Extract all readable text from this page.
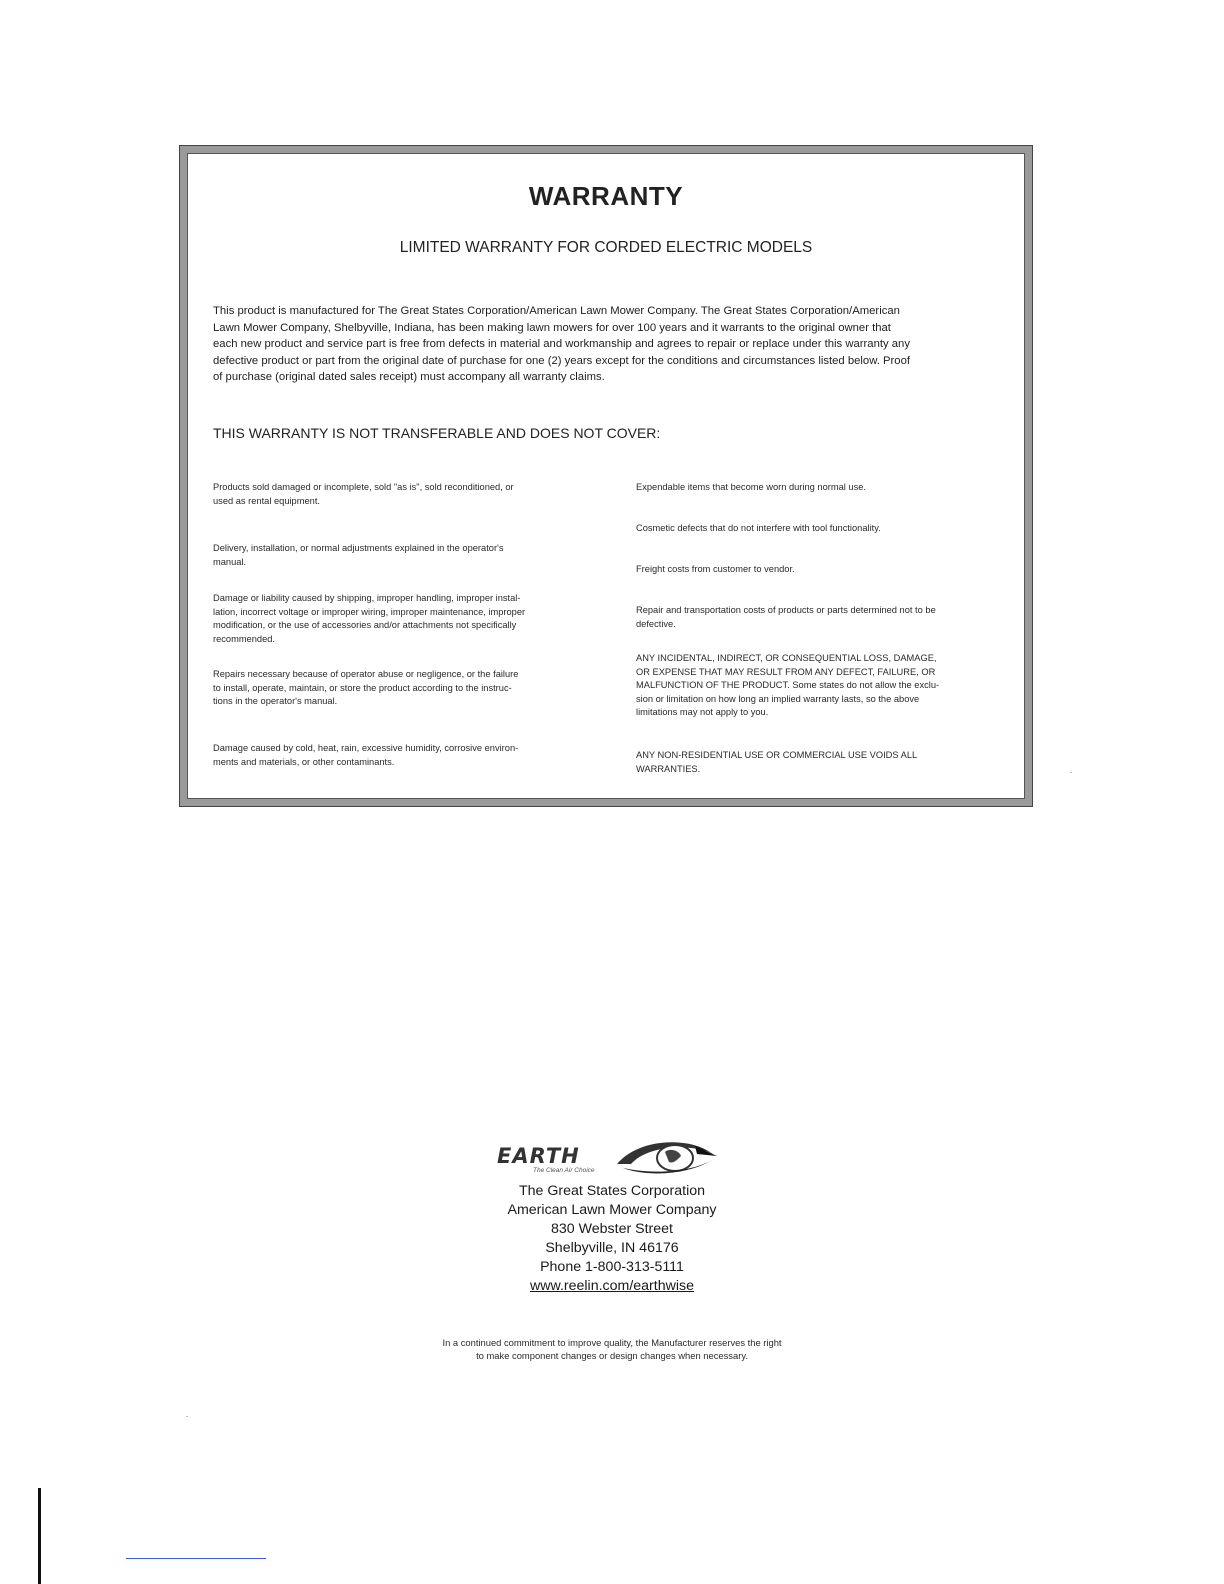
WARRANTY
LIMITED WARRANTY FOR CORDED ELECTRIC MODELS
This product is manufactured for The Great States Corporation/American Lawn Mower Company. The Great States Corporation/American
Lawn Mower Company, Shelbyville, Indiana, has been making lawn mowers for over 100 years and it warrants to the original owner that
each new product and service part is free from defects in material and workmanship and agrees to repair or replace under this warranty any
defective product or part from the original date of purchase for one (2) years except for the conditions and circumstances listed below. Proof
of purchase (original dated sales receipt) must accompany all warranty claims.
THIS WARRANTY IS NOT TRANSFERABLE AND DOES NOT COVER:
Products sold damaged or incomplete, sold "as is", sold reconditioned, or
used as rental equipment.
Delivery, installation, or normal adjustments explained in the operator's
manual.
Damage or liability caused by shipping, improper handling, improper instal-
lation, incorrect voltage or improper wiring, improper maintenance, improper
modification, or the use of accessories and/or attachments not specifically
recommended.
Repairs necessary because of operator abuse or negligence, or the failure
to install, operate, maintain, or store the product according to the instruc-
tions in the operator's manual.
Damage caused by cold, heat, rain, excessive humidity, corrosive environ-
ments and materials, or other contaminants.
Expendable items that become worn during normal use.
Cosmetic defects that do not interfere with tool functionality.
Freight costs from customer to vendor.
Repair and transportation costs of products or parts determined not to be
defective.
ANY INCIDENTAL, INDIRECT, OR CONSEQUENTIAL LOSS, DAMAGE,
OR EXPENSE THAT MAY RESULT FROM ANY DEFECT, FAILURE, OR
MALFUNCTION OF THE PRODUCT. Some states do not allow the exclu-
sion or limitation on how long an implied warranty lasts, so the above
limitations may not apply to you.
ANY NON-RESIDENTIAL USE OR COMMERCIAL USE VOIDS ALL
WARRANTIES.
EARTH
The Clean Air Choice
The Great States Corporation
American Lawn Mower Company
830 Webster Street
Shelbyville, IN 46176
Phone 1-800-313-5111
www.reelin.com/earthwise
In a continued commitment to improve quality, the Manufacturer reserves the right
to make component changes or design changes when necessary.
